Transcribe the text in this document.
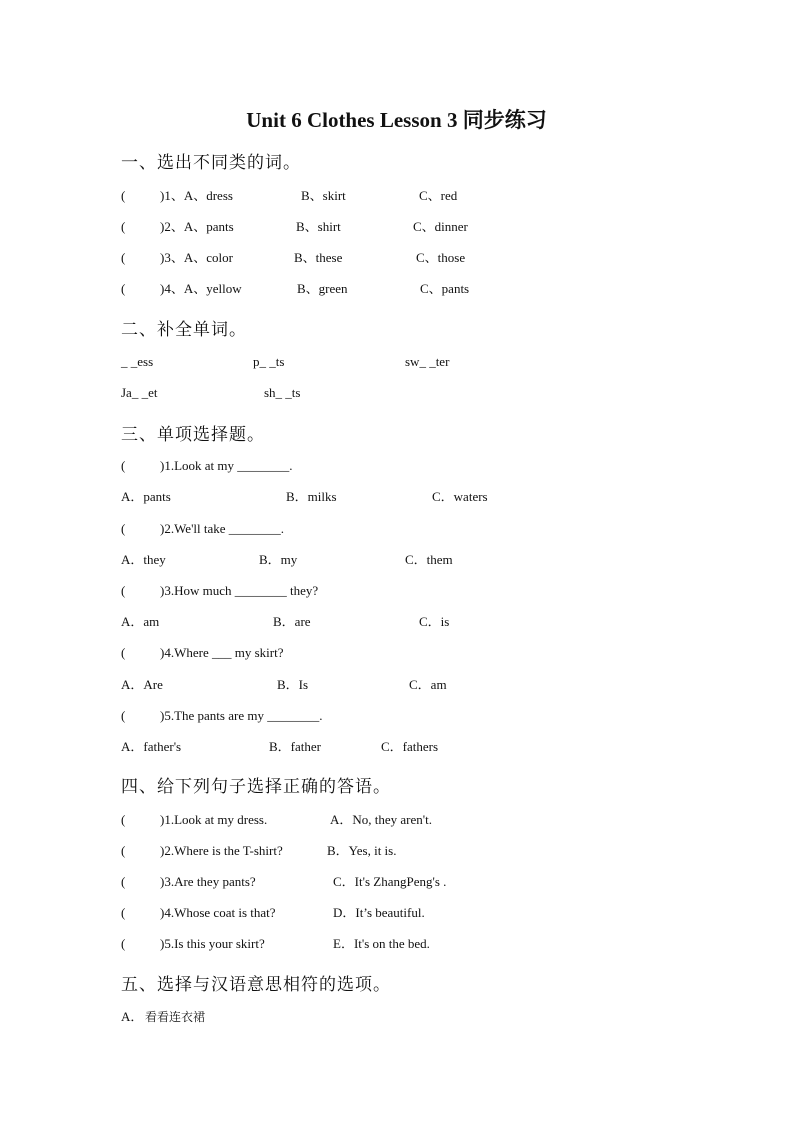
Unit 6 Clothes Lesson 3 同步练习
一、选出不同类的词。
(	)1、A、dress	B、skirt	C、red
(	)2、A、pants	B、shirt	C、dinner
(	)3、A、color	B、these	C、those
(	)4、A、yellow	B、green	C、pants
二、补全单词。
_ _ess	p_ _ts	sw_ _ter
Ja_ _et	sh_ _ts
三、单项选择题。
(	)1.Look at my ________.
A．pants	B．milks	C．waters
(	)2.We'll take ________.
A．they	B．my	C．them
(	)3.How much ________ they?
A．am	B．are	C．is
(	)4.Where ___ my skirt?
A．Are	B．Is	C．am
(	)5.The pants are my ________.
A．father's	B．father	C．fathers
四、给下列句子选择正确的答语。
(	)1.Look at my dress.	A．No, they aren't.
(	)2.Where is the T-shirt?	B．Yes, it is.
(	)3.Are they pants?	C．It's ZhangPeng's .
(	)4.Whose coat is that?	D．It’s beautiful.
(	)5.Is this your skirt?	E．It's on the bed.
五、选择与汉语意思相符的选项。
A． 看看连衣裙
